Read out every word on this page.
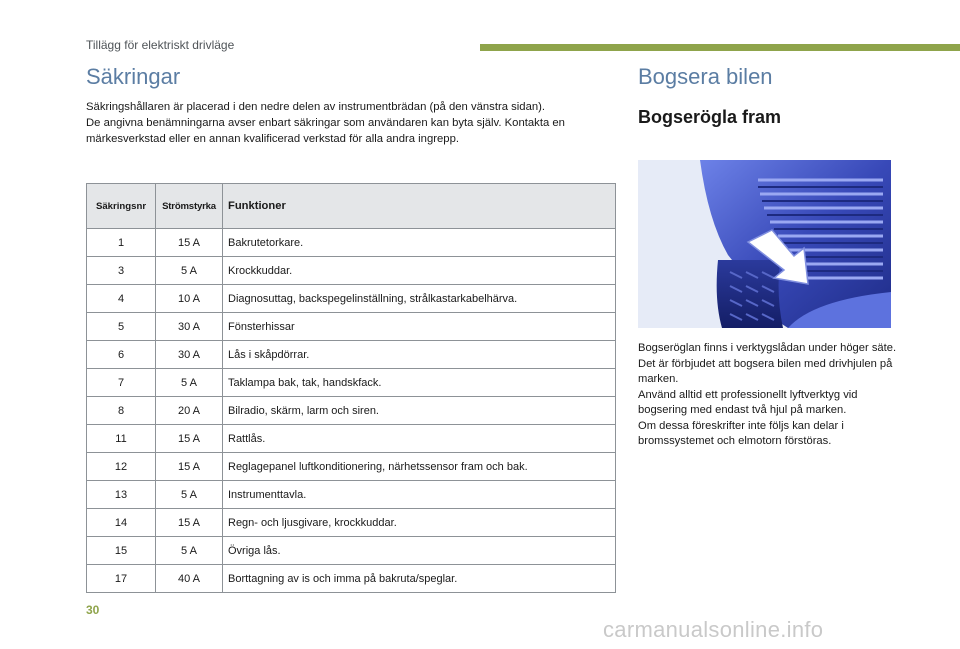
Tillägg för elektriskt drivläge
Säkringar

Säkringshållaren är placerad i den nedre delen av instrumentbrädan (på den vänstra sidan).

De angivna benämningarna avser enbart säkringar som användaren kan byta själv. Kontakta en märkesverkstad eller en annan kvalificerad verkstad för alla andra ingrepp.

Säkringsnr	Strömstyrka	Funktioner
1	15 A	Bakrutetorkare.
3	5 A	Krockkuddar.
4	10 A	Diagnosuttag, backspegelinställning, strålkastarkabelhärva.
5	30 A	Fönsterhissar
6	30 A	Lås i skåpdörrar.
7	5 A	Taklampa bak, tak, handskfack.
8	20 A	Bilradio, skärm, larm och siren.
11	15 A	Rattlås.
12	15 A	Reglagepanel luftkonditionering, närhetssensor fram och bak.
13	5 A	Instrumenttavla.
14	15 A	Regn- och ljusgivare, krockkuddar.
15	5 A	Övriga lås.
17	40 A	Borttagning av is och imma på bakruta/speglar.
Bogsera bilen
Bogserögla fram

Bogseröglan finns i verktygslådan under höger säte.

Det är förbjudet att bogsera bilen med drivhjulen på marken.

Använd alltid ett professionellt lyftverktyg vid bogsering med endast två hjul på marken.

Om dessa föreskrifter inte följs kan delar i bromssystemet och elmotorn förstöras.

30
carmanualsonline.info
